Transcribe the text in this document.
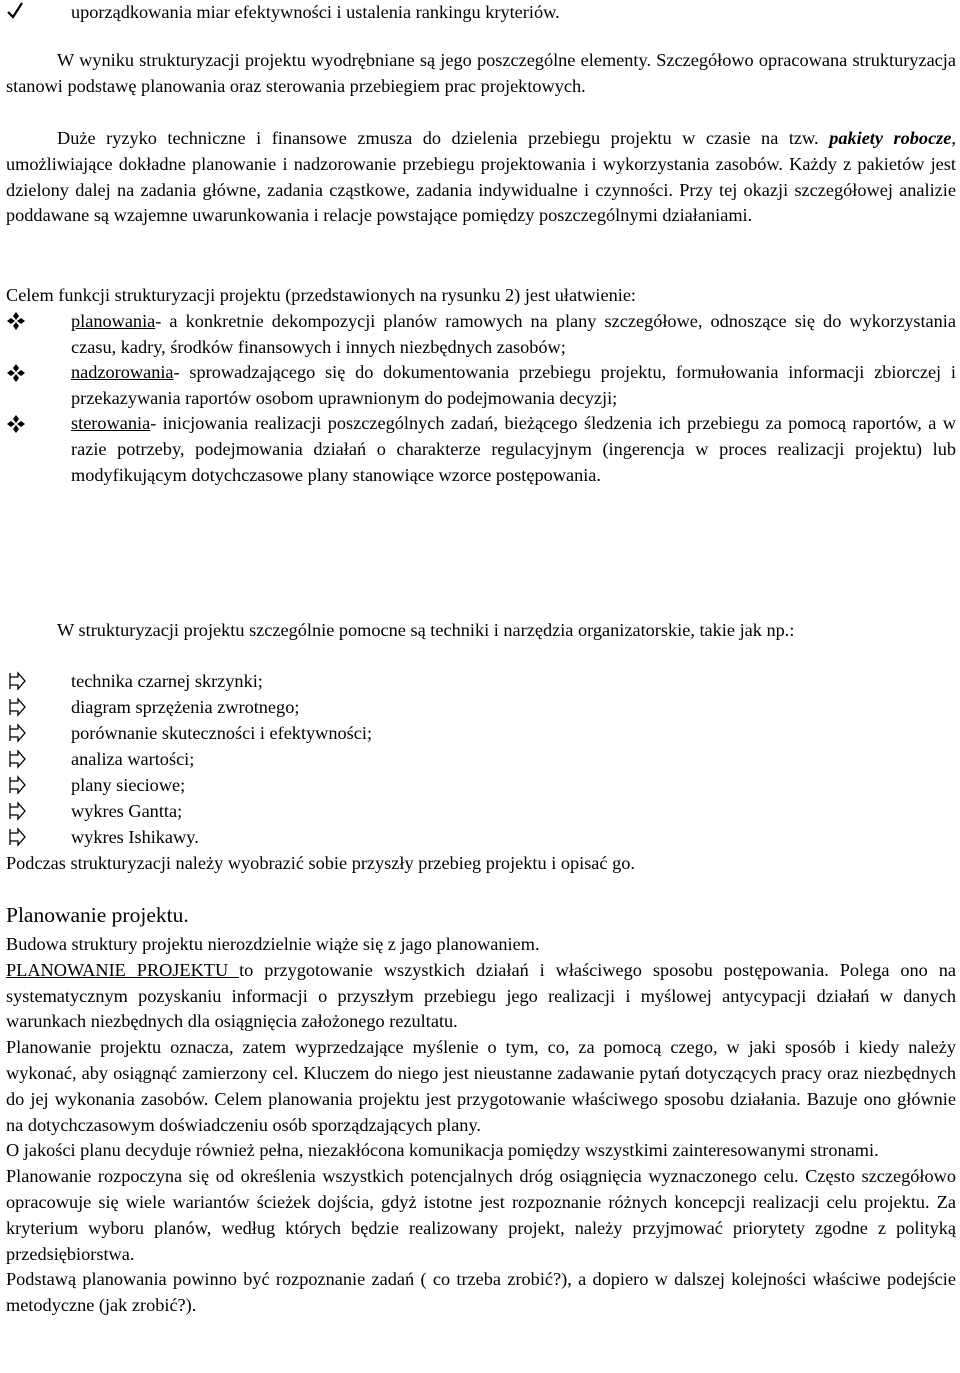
uporządkowania miar efektywności i ustalenia rankingu kryteriów.

W wyniku strukturyzacji projektu wyodrębniane są jego poszczególne elementy. Szczegółowo opracowana strukturyzacja stanowi podstawę planowania oraz sterowania przebiegiem prac projektowych.

Duże ryzyko techniczne i finansowe zmusza do dzielenia przebiegu projektu w czasie na tzw. pakiety robocze, umożliwiające dokładne planowanie i nadzorowanie przebiegu projektowania i wykorzystania zasobów. Każdy z pakietów jest dzielony dalej na zadania główne, zadania cząstkowe, zadania indywidualne i czynności. Przy tej okazji szczegółowej analizie poddawane są wzajemne uwarunkowania i relacje powstające pomiędzy poszczególnymi działaniami.

Celem funkcji strukturyzacji projektu (przedstawionych na rysunku 2) jest ułatwienie:

planowania- a konkretnie dekompozycji planów ramowych na plany szczegółowe, odnoszące się do wykorzystania czasu, kadry, środków finansowych i innych niezbędnych zasobów;

nadzorowania- sprowadzającego się do dokumentowania przebiegu projektu, formułowania informacji zbiorczej i przekazywania raportów osobom uprawnionym do podejmowania decyzji;

sterowania- inicjowania realizacji poszczególnych zadań, bieżącego śledzenia ich przebiegu za pomocą raportów, a w razie potrzeby, podejmowania działań o charakterze regulacyjnym (ingerencja w proces realizacji projektu) lub modyfikującym dotychczasowe plany stanowiące wzorce postępowania.

W strukturyzacji projektu szczególnie pomocne są techniki i narzędzia organizatorskie, takie jak np.:

technika czarnej skrzynki;
diagram sprzężenia zwrotnego;
porównanie skuteczności i efektywności;
analiza wartości;
plany sieciowe;
wykres Gantta;
wykres Ishikawy.
Podczas strukturyzacji należy wyobrazić sobie przyszły przebieg projektu i opisać go.
Planowanie projektu.

Budowa struktury projektu nierozdzielnie wiąże się z jago planowaniem.

PLANOWANIE PROJEKTU to przygotowanie wszystkich działań i właściwego sposobu postępowania. Polega ono na systematycznym pozyskaniu informacji o przyszłym przebiegu jego realizacji i myślowej antycypacji działań w danych warunkach niezbędnych dla osiągnięcia założonego rezultatu.

Planowanie projektu oznacza, zatem wyprzedzające myślenie o tym, co, za pomocą czego, w jaki sposób i kiedy należy wykonać, aby osiągnąć zamierzony cel. Kluczem do niego jest nieustanne zadawanie pytań dotyczących pracy oraz niezbędnych do jej wykonania zasobów. Celem planowania projektu jest przygotowanie właściwego sposobu działania. Bazuje ono głównie na dotychczasowym doświadczeniu osób sporządzających plany.

O jakości planu decyduje również pełna, niezakłócona komunikacja pomiędzy wszystkimi zainteresowanymi stronami.

Planowanie rozpoczyna się od określenia wszystkich potencjalnych dróg osiągnięcia wyznaczonego celu. Często szczegółowo opracowuje się wiele wariantów ścieżek dojścia, gdyż istotne jest rozpoznanie różnych koncepcji realizacji celu projektu. Za kryterium wyboru planów, według których będzie realizowany projekt, należy przyjmować priorytety zgodne z polityką przedsiębiorstwa.

Podstawą planowania powinno być rozpoznanie zadań ( co trzeba zrobić?), a dopiero w dalszej kolejności właściwe podejście metodyczne (jak zrobić?).
